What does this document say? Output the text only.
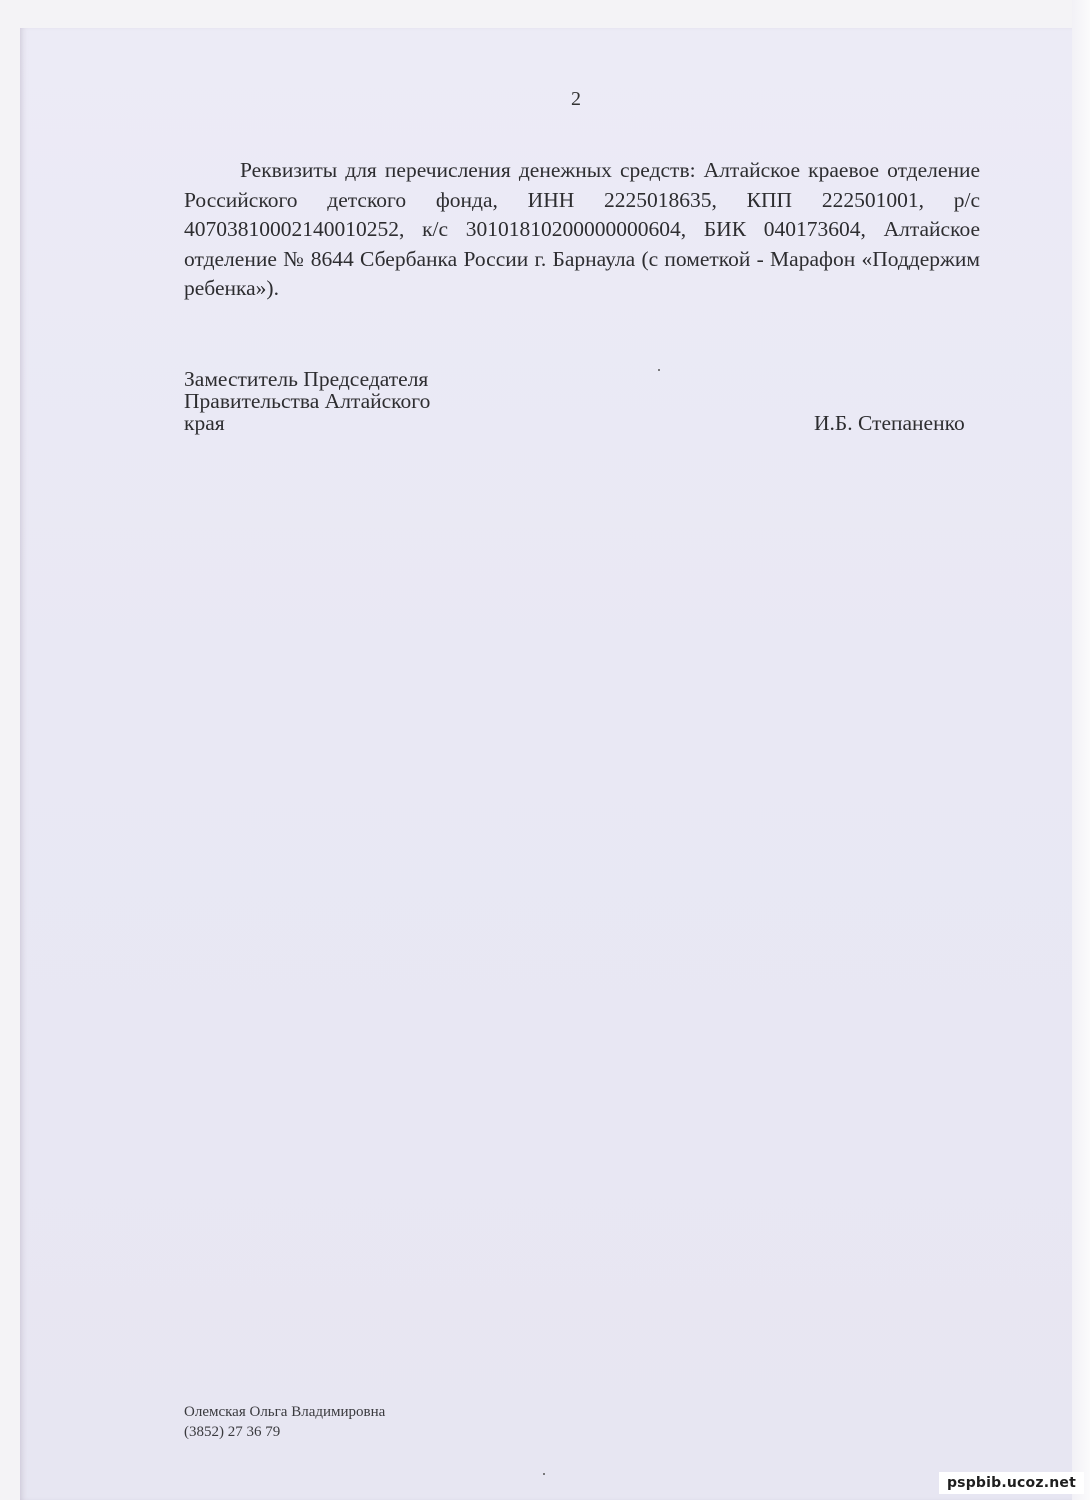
2

Реквизиты для перечисления денежных средств: Алтайское краевое отделение Российского детского фонда, ИНН 2225018635, КПП 222501001, р/с 40703810002140010252, к/с 30101810200000000604, БИК 040173604, Алтайское отделение № 8644 Сбербанка России г. Барнаула (с пометкой - Марафон «Поддержим ребенка»).

Заместитель Председателя
Правительства Алтайского
края	И.Б. Степаненко
Олемская Ольга Владимировна
(3852) 27 36 79
pspbib.ucoz.net
